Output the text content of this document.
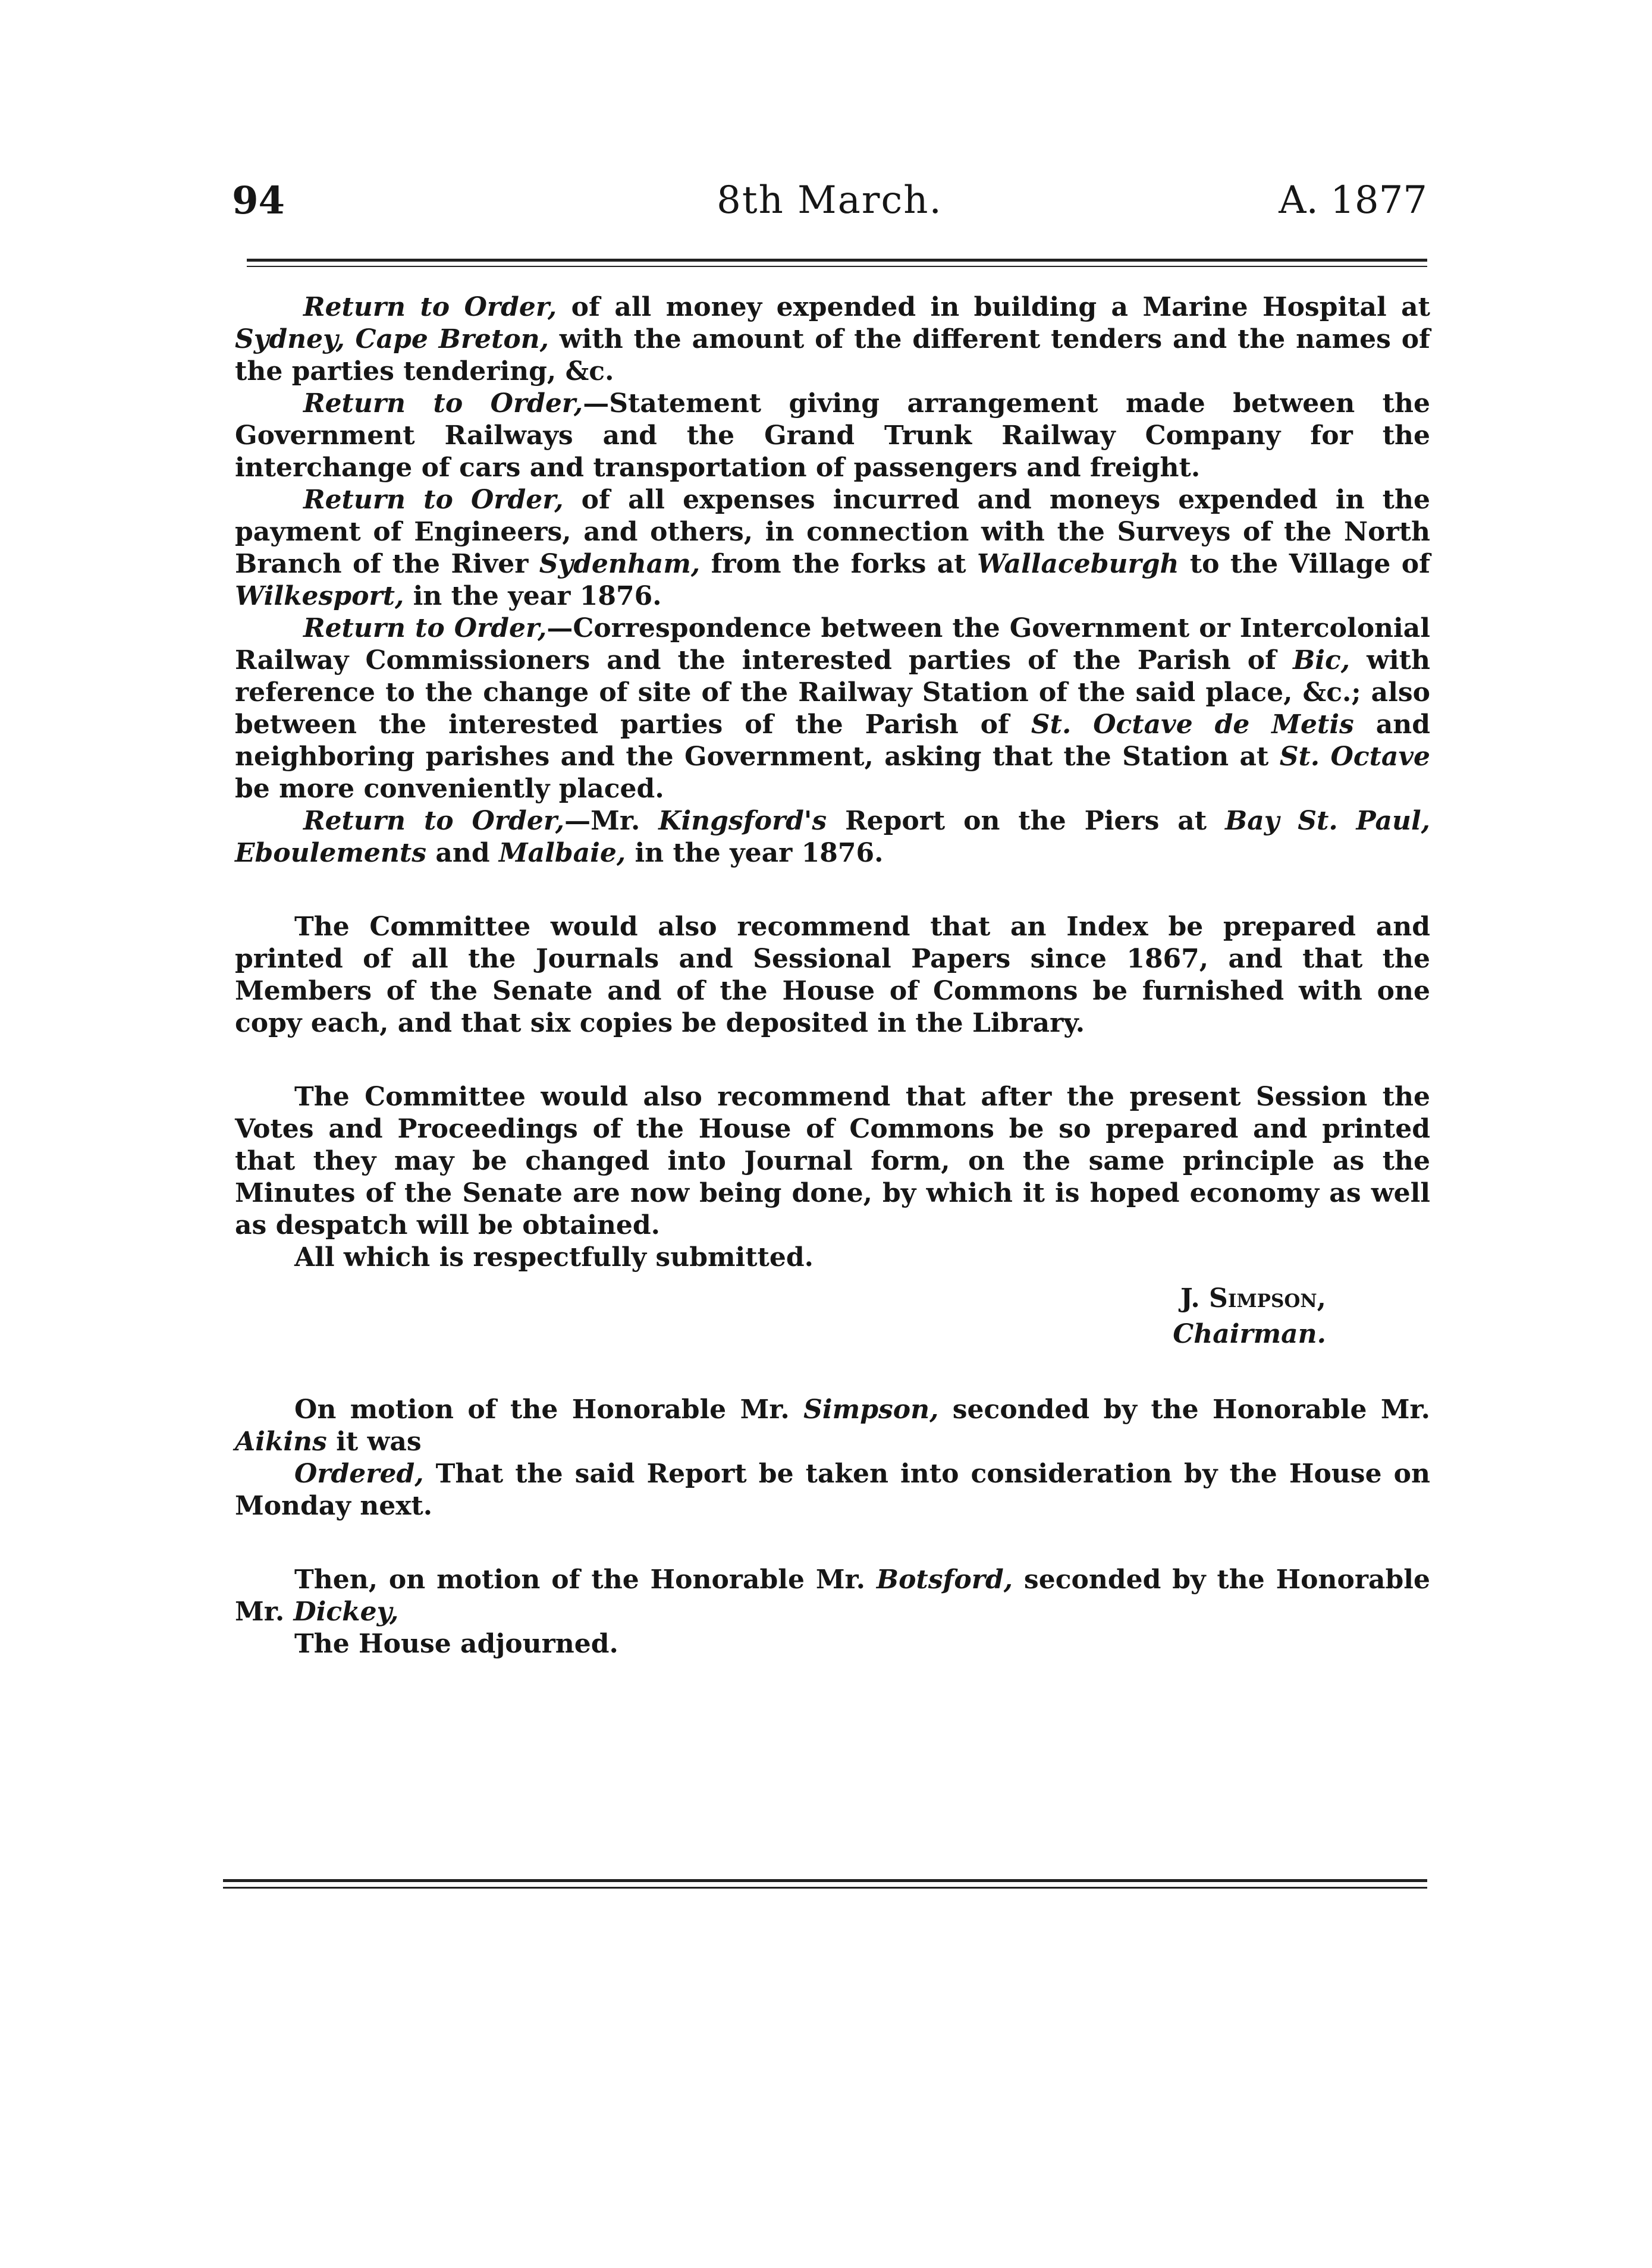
94	8th March.	A. 1877

Return to Order, of all money expended in building a Marine Hospital at Sydney, Cape Breton, with the amount of the different tenders and the names of the parties tendering, &c.

Return to Order,—Statement giving arrangement made between the Government Railways and the Grand Trunk Railway Company for the interchange of cars and transportation of passengers and freight.

Return to Order, of all expenses incurred and moneys expended in the payment of Engineers, and others, in connection with the Surveys of the North Branch of the River Sydenham, from the forks at Wallaceburgh to the Village of Wilkesport, in the year 1876.

Return to Order,—Correspondence between the Government or Intercolonial Railway Commissioners and the interested parties of the Parish of Bic, with reference to the change of site of the Railway Station of the said place, &c.; also between the interested parties of the Parish of St. Octave de Metis and neighboring parishes and the Government, asking that the Station at St. Octave be more conveniently placed.

Return to Order,—Mr. Kingsford's Report on the Piers at Bay St. Paul, Eboulements and Malbaie, in the year 1876.

The Committee would also recommend that an Index be prepared and printed of all the Journals and Sessional Papers since 1867, and that the Members of the Senate and of the House of Commons be furnished with one copy each, and that six copies be deposited in the Library.

The Committee would also recommend that after the present Session the Votes and Proceedings of the House of Commons be so prepared and printed that they may be changed into Journal form, on the same principle as the Minutes of the Senate are now being done, by which it is hoped economy as well as despatch will be obtained.

All which is respectfully submitted.

J. Simpson,

Chairman.

On motion of the Honorable Mr. Simpson, seconded by the Honorable Mr. Aikins it was

Ordered, That the said Report be taken into consideration by the House on Monday next.

Then, on motion of the Honorable Mr. Botsford, seconded by the Honorable Mr. Dickey,

The House adjourned.
